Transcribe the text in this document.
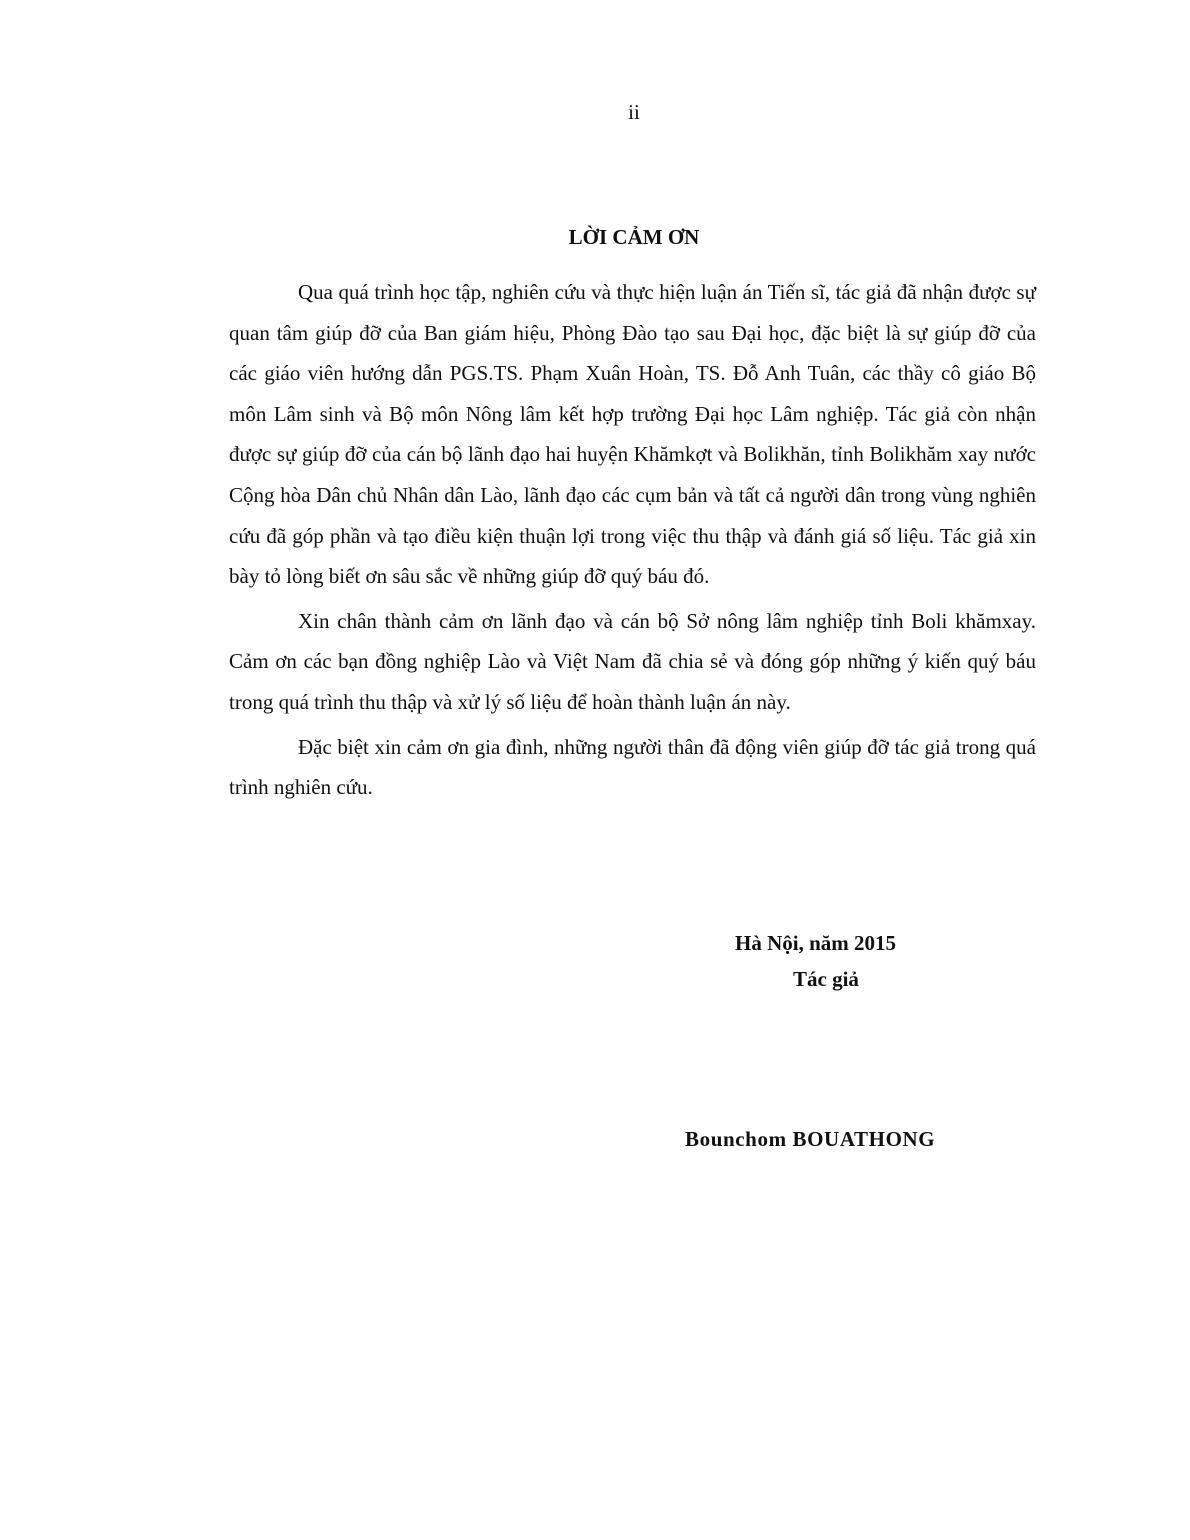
ii
LỜI CẢM ƠN

Qua quá trình học tập, nghiên cứu và thực hiện luận án Tiến sĩ, tác giả đã nhận được sự quan tâm giúp đỡ của Ban giám hiệu, Phòng Đào tạo sau Đại học, đặc biệt là sự giúp đỡ của các giáo viên hướng dẫn PGS.TS. Phạm Xuân Hoàn, TS. Đỗ Anh Tuân, các thầy cô giáo Bộ môn Lâm sinh và Bộ môn Nông lâm kết hợp trường Đại học Lâm nghiệp. Tác giả còn nhận được sự giúp đỡ của cán bộ lãnh đạo hai huyện Khămkợt và Bolikhăn, tỉnh Bolikhăm xay nước Cộng hòa Dân chủ Nhân dân Lào, lãnh đạo các cụm bản và tất cả người dân trong vùng nghiên cứu đã góp phần và tạo điều kiện thuận lợi trong việc thu thập và đánh giá số liệu. Tác giả xin bày tỏ lòng biết ơn sâu sắc về những giúp đỡ quý báu đó.

Xin chân thành cảm ơn lãnh đạo và cán bộ Sở nông lâm nghiệp tỉnh Boli khămxay. Cảm ơn các bạn đồng nghiệp Lào và Việt Nam đã chia sẻ và đóng góp những ý kiến quý báu trong quá trình thu thập và xử lý số liệu để hoàn thành luận án này.

Đặc biệt xin cảm ơn gia đình, những người thân đã động viên giúp đỡ tác giả trong quá trình nghiên cứu.

Hà Nội, năm 2015
Tác giả
Bounchom BOUATHONG
